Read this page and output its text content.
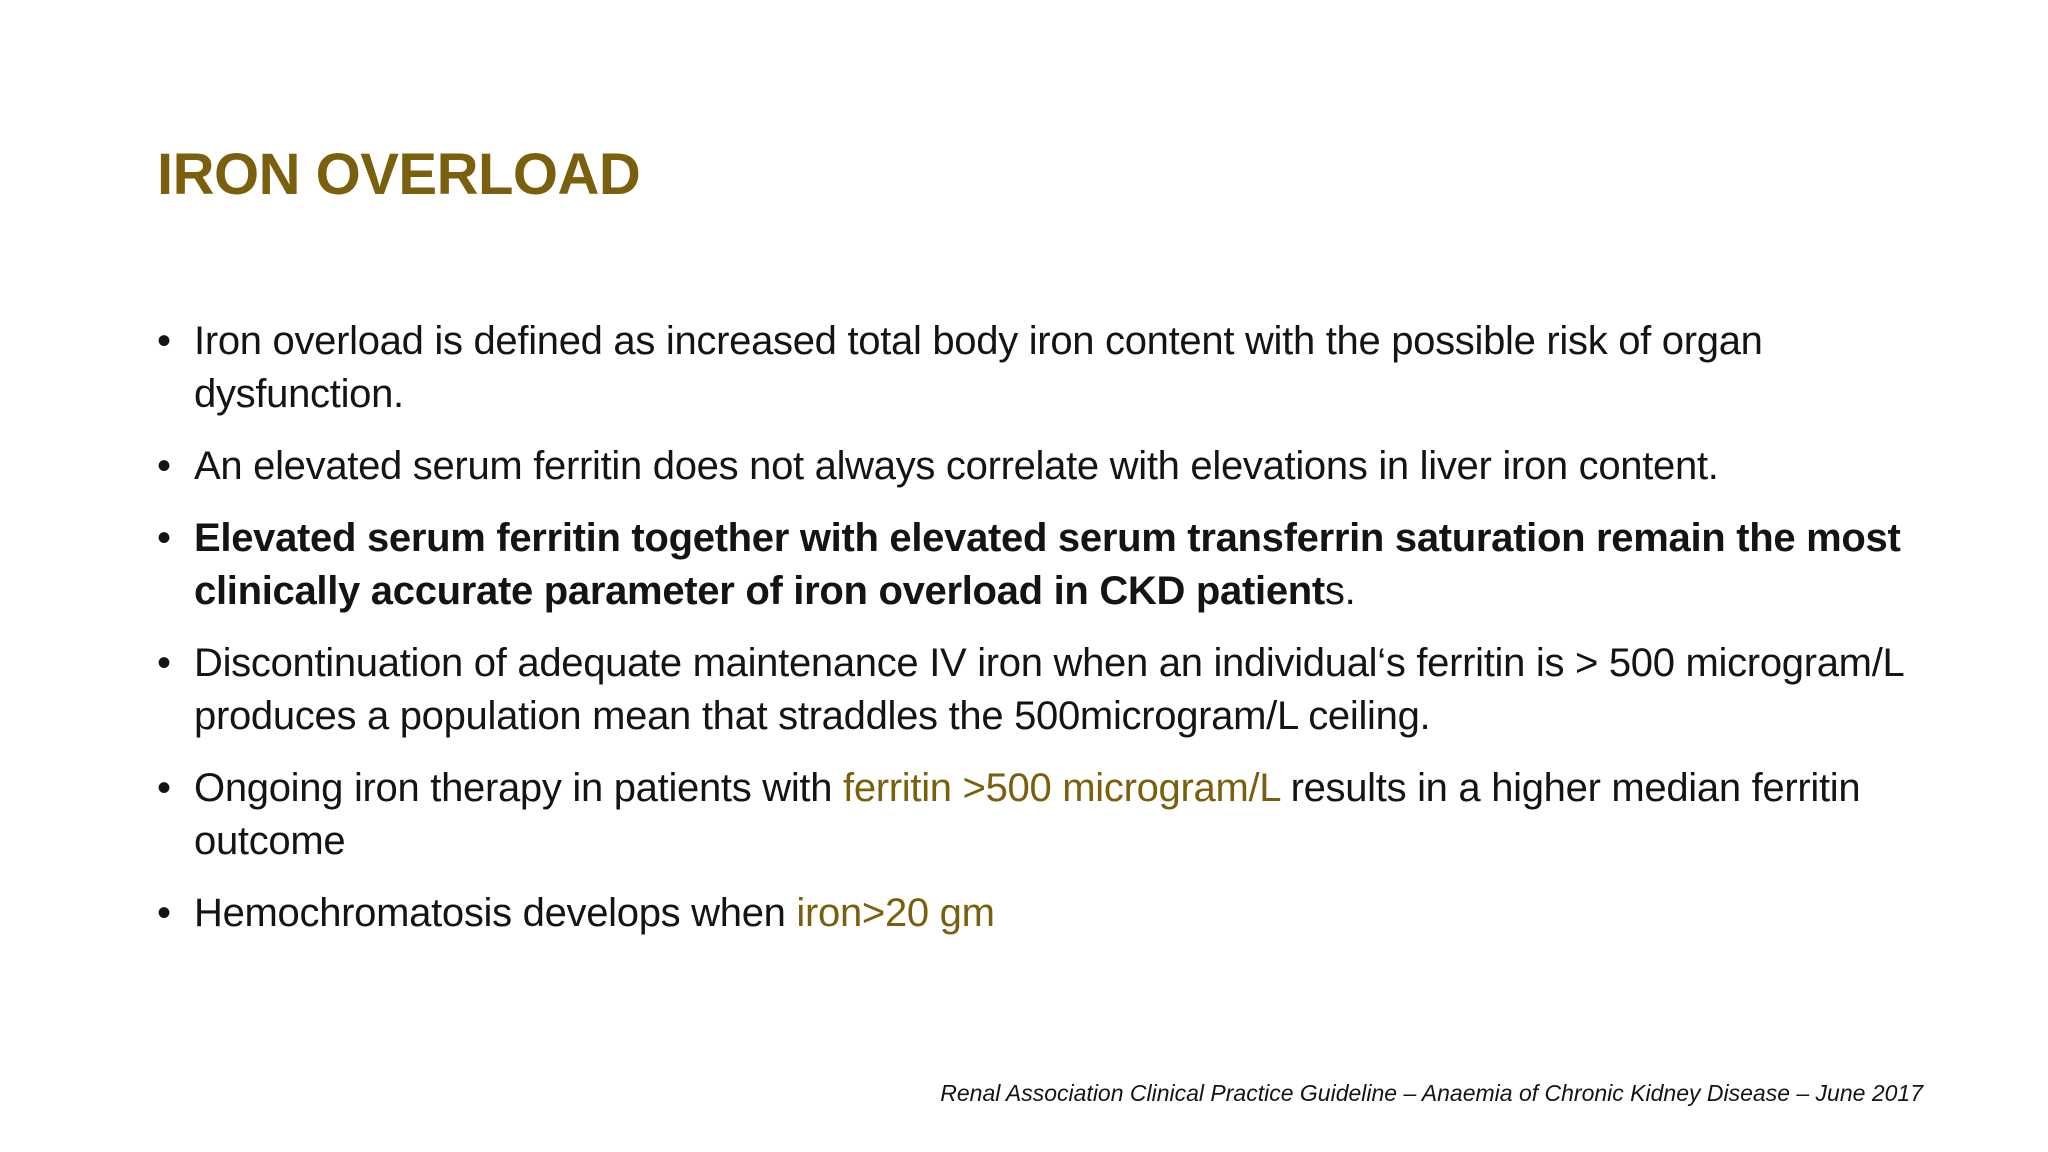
IRON OVERLOAD
• Iron overload is defined as increased total body iron content with the possible risk of organ dysfunction.
• An elevated serum ferritin does not always correlate with elevations in liver iron content.
• Elevated serum ferritin together with elevated serum transferrin saturation remain the most clinically accurate parameter of iron overload in CKD patients.
• Discontinuation of adequate maintenance IV iron when an individual‘s ferritin is > 500 microgram/L produces a population mean that straddles the 500microgram/L ceiling.
• Ongoing iron therapy in patients with ferritin >500 microgram/L results in a higher median ferritin outcome
• Hemochromatosis develops when iron>20 gm
Renal Association Clinical Practice Guideline – Anaemia of Chronic Kidney Disease – June 2017
